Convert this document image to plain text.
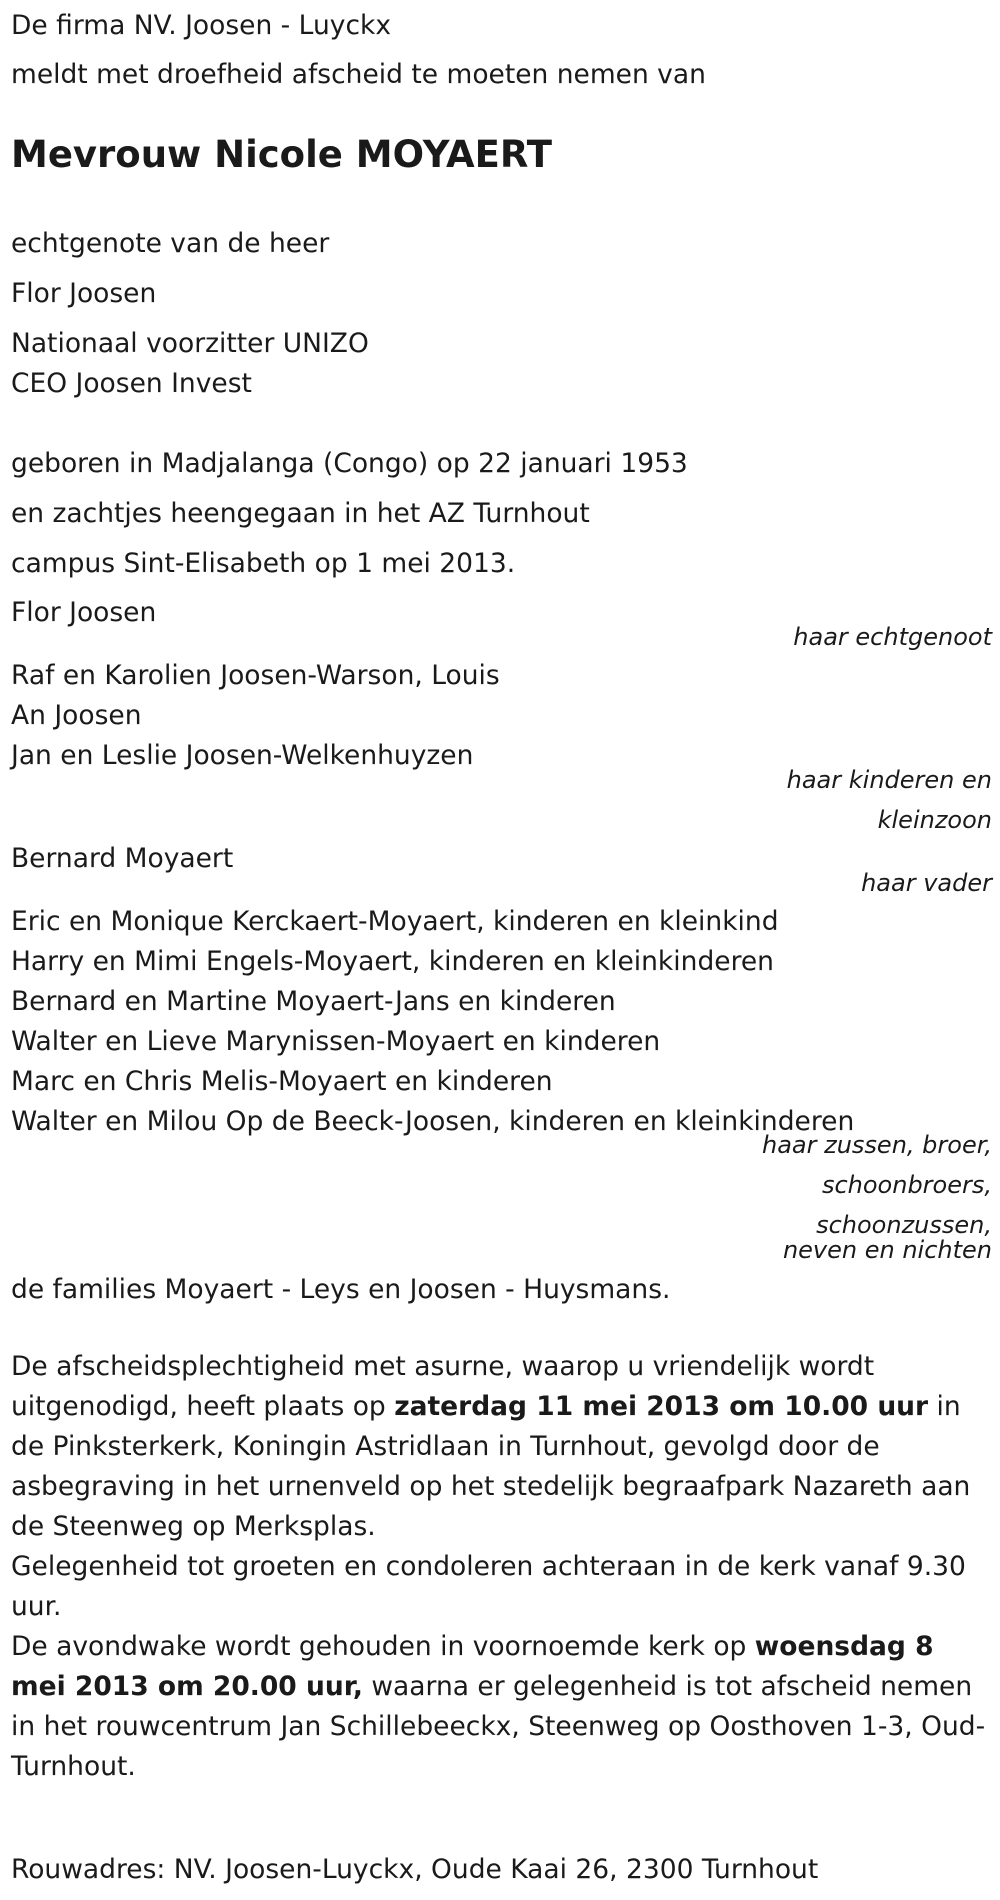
De firma NV. Joosen - Luyckx

meldt met droefheid afscheid te moeten nemen van

Mevrouw Nicole MOYAERT

echtgenote van de heer

Flor Joosen

Nationaal voorzitter UNIZO

CEO Joosen Invest

geboren in Madjalanga (Congo) op 22 januari 1953

en zachtjes heengegaan in het AZ Turnhout

campus Sint-Elisabeth op 1 mei 2013.

Flor Joosen

haar echtgenoot

Raf en Karolien Joosen-Warson, Louis

An Joosen

Jan en Leslie Joosen-Welkenhuyzen

haar kinderen en

kleinzoon

Bernard Moyaert

haar vader

Eric en Monique Kerckaert-Moyaert, kinderen en kleinkind

Harry en Mimi Engels-Moyaert, kinderen en kleinkinderen

Bernard en Martine Moyaert-Jans en kinderen

Walter en Lieve Marynissen-Moyaert en kinderen

Marc en Chris Melis-Moyaert en kinderen

Walter en Milou Op de Beeck-Joosen, kinderen en kleinkinderen

haar zussen, broer,

schoonbroers,

schoonzussen,

neven en nichten

de families Moyaert - Leys en Joosen - Huysmans.

De afscheidsplechtigheid met asurne, waarop u vriendelijk wordt uitgenodigd, heeft plaats op zaterdag 11 mei 2013 om 10.00 uur in de Pinksterkerk, Koningin Astridlaan in Turnhout, gevolgd door de asbegraving in het urnenveld op het stedelijk begraafpark Nazareth aan de Steenweg op Merksplas.

Gelegenheid tot groeten en condoleren achteraan in de kerk vanaf 9.30 uur.

De avondwake wordt gehouden in voornoemde kerk op woensdag 8 mei 2013 om 20.00 uur, waarna er gelegenheid is tot afscheid nemen in het rouwcentrum Jan Schillebeeckx, Steenweg op Oosthoven 1-3, Oud-Turnhout.

Rouwadres: NV. Joosen-Luyckx, Oude Kaai 26, 2300 Turnhout
